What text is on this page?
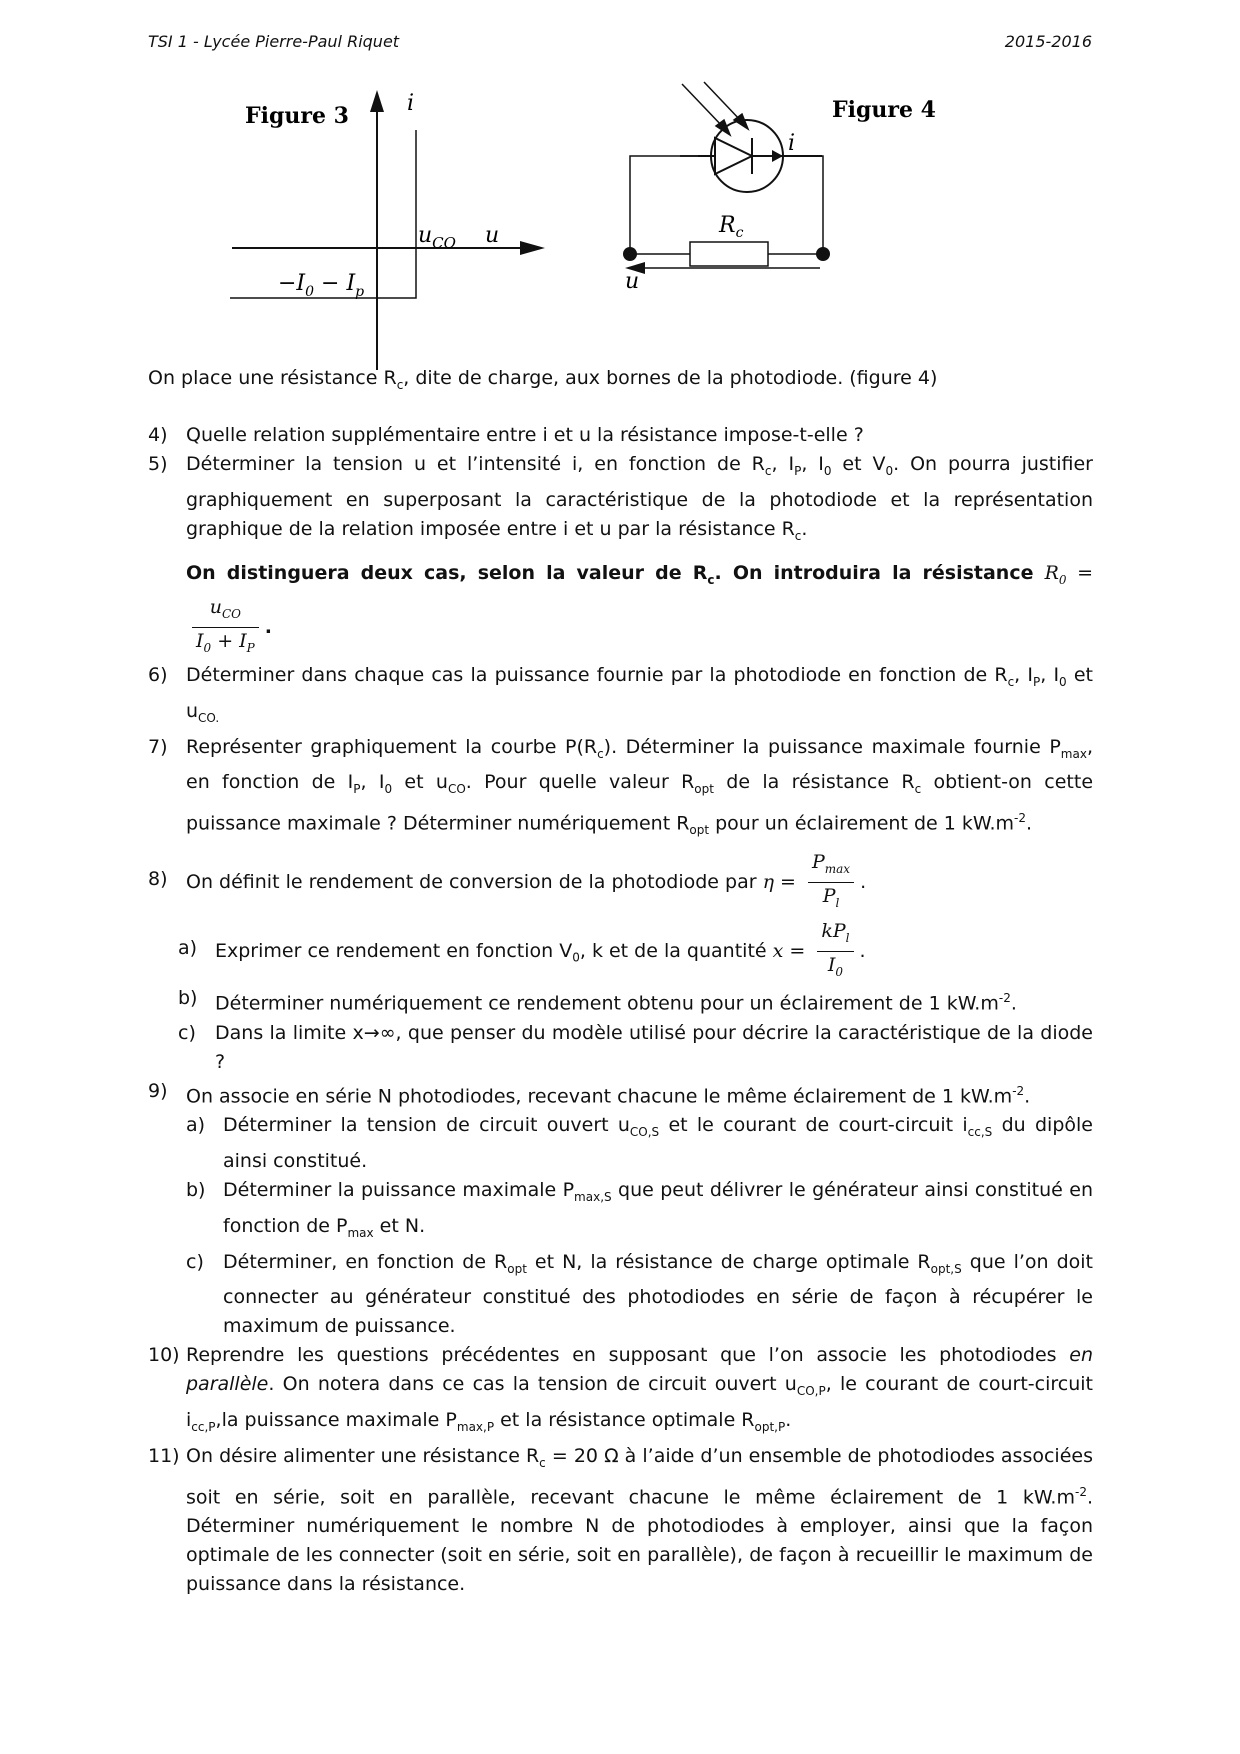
TSI 1 - Lycée Pierre-Paul Riquet	2015-2016
Figure 3	i
u
$u_{CO}$
$-I_0 - I_p$
Figure 4
i
$R_c$
u

On place une résistance $R_c$, dite de charge, aux bornes de la photodiode. (figure 4)

4) Quelle relation supplémentaire entre i et u la résistance impose-t-elle ?

5) Déterminer la tension u et l’intensité i, en fonction de $R_c$, $I_P$, $I_0$ et $V_0$. On pourra justifier graphiquement en superposant la caractéristique de la photodiode et la représentation graphique de la relation imposée entre i et u par la résistance $R_c$.

On distinguera deux cas, selon la valeur de $R_c$. On introduira la résistance $R_0$ =
$\frac{u_{CO}}{I_0 + I_P}$ .

6) Déterminer dans chaque cas la puissance fournie par la photodiode en fonction de $R_c$, $I_P$, $I_0$ et $u_{CO.}$

7) Représenter graphiquement la courbe $P(R_c)$. Déterminer la puissance maximale fournie $P_{max}$, en fonction de $I_P$, $I_0$ et $u_{CO}$. Pour quelle valeur $R_{opt}$ de la résistance $R_c$ obtient-on cette puissance maximale ? Déterminer numériquement $R_{opt}$ pour un éclairement de 1 $kW.m^{-2}$.

8) On définit le rendement de conversion de la photodiode par $\eta = \frac{P_{max}}{P_l}$ .

a) Exprimer ce rendement en fonction $V_0$, k et de la quantité $x = \frac{kP_l}{I_0}$ .

b) Déterminer numériquement ce rendement obtenu pour un éclairement de 1 $kW.m^{-2}$.

c) Dans la limite x→∞, que penser du modèle utilisé pour décrire la caractéristique de la diode ?

9) On associe en série N photodiodes, recevant chacune le même éclairement de 1 $kW.m^{-2}$.

a) Déterminer la tension de circuit ouvert $u_{CO,S}$ et le courant de court-circuit $i_{cc,S}$ du dipôle ainsi constitué.

b) Déterminer la puissance maximale $P_{max,S}$ que peut délivrer le générateur ainsi constitué en fonction de $P_{max}$ et N.

c) Déterminer, en fonction de $R_{opt}$ et N, la résistance de charge optimale $R_{opt,S}$ que l’on doit connecter au générateur constitué des photodiodes en série de façon à récupérer le maximum de puissance.

10) Reprendre les questions précédentes en supposant que l’on associe les photodiodes en parallèle. On notera dans ce cas la tension de circuit ouvert $u_{CO,P}$, le courant de court-circuit $i_{cc,P},la$ puissance maximale $P_{max,P}$ et la résistance optimale $R_{opt,P}$.

11) On désire alimenter une résistance $R_c = 20$ Ω à l’aide d’un ensemble de photodiodes associées soit en série, soit en parallèle, recevant chacune le même éclairement de 1 $kW.m^{-2}$. Déterminer numériquement le nombre N de photodiodes à employer, ainsi que la façon optimale de les connecter (soit en série, soit en parallèle), de façon à recueillir le maximum de puissance dans la résistance.
